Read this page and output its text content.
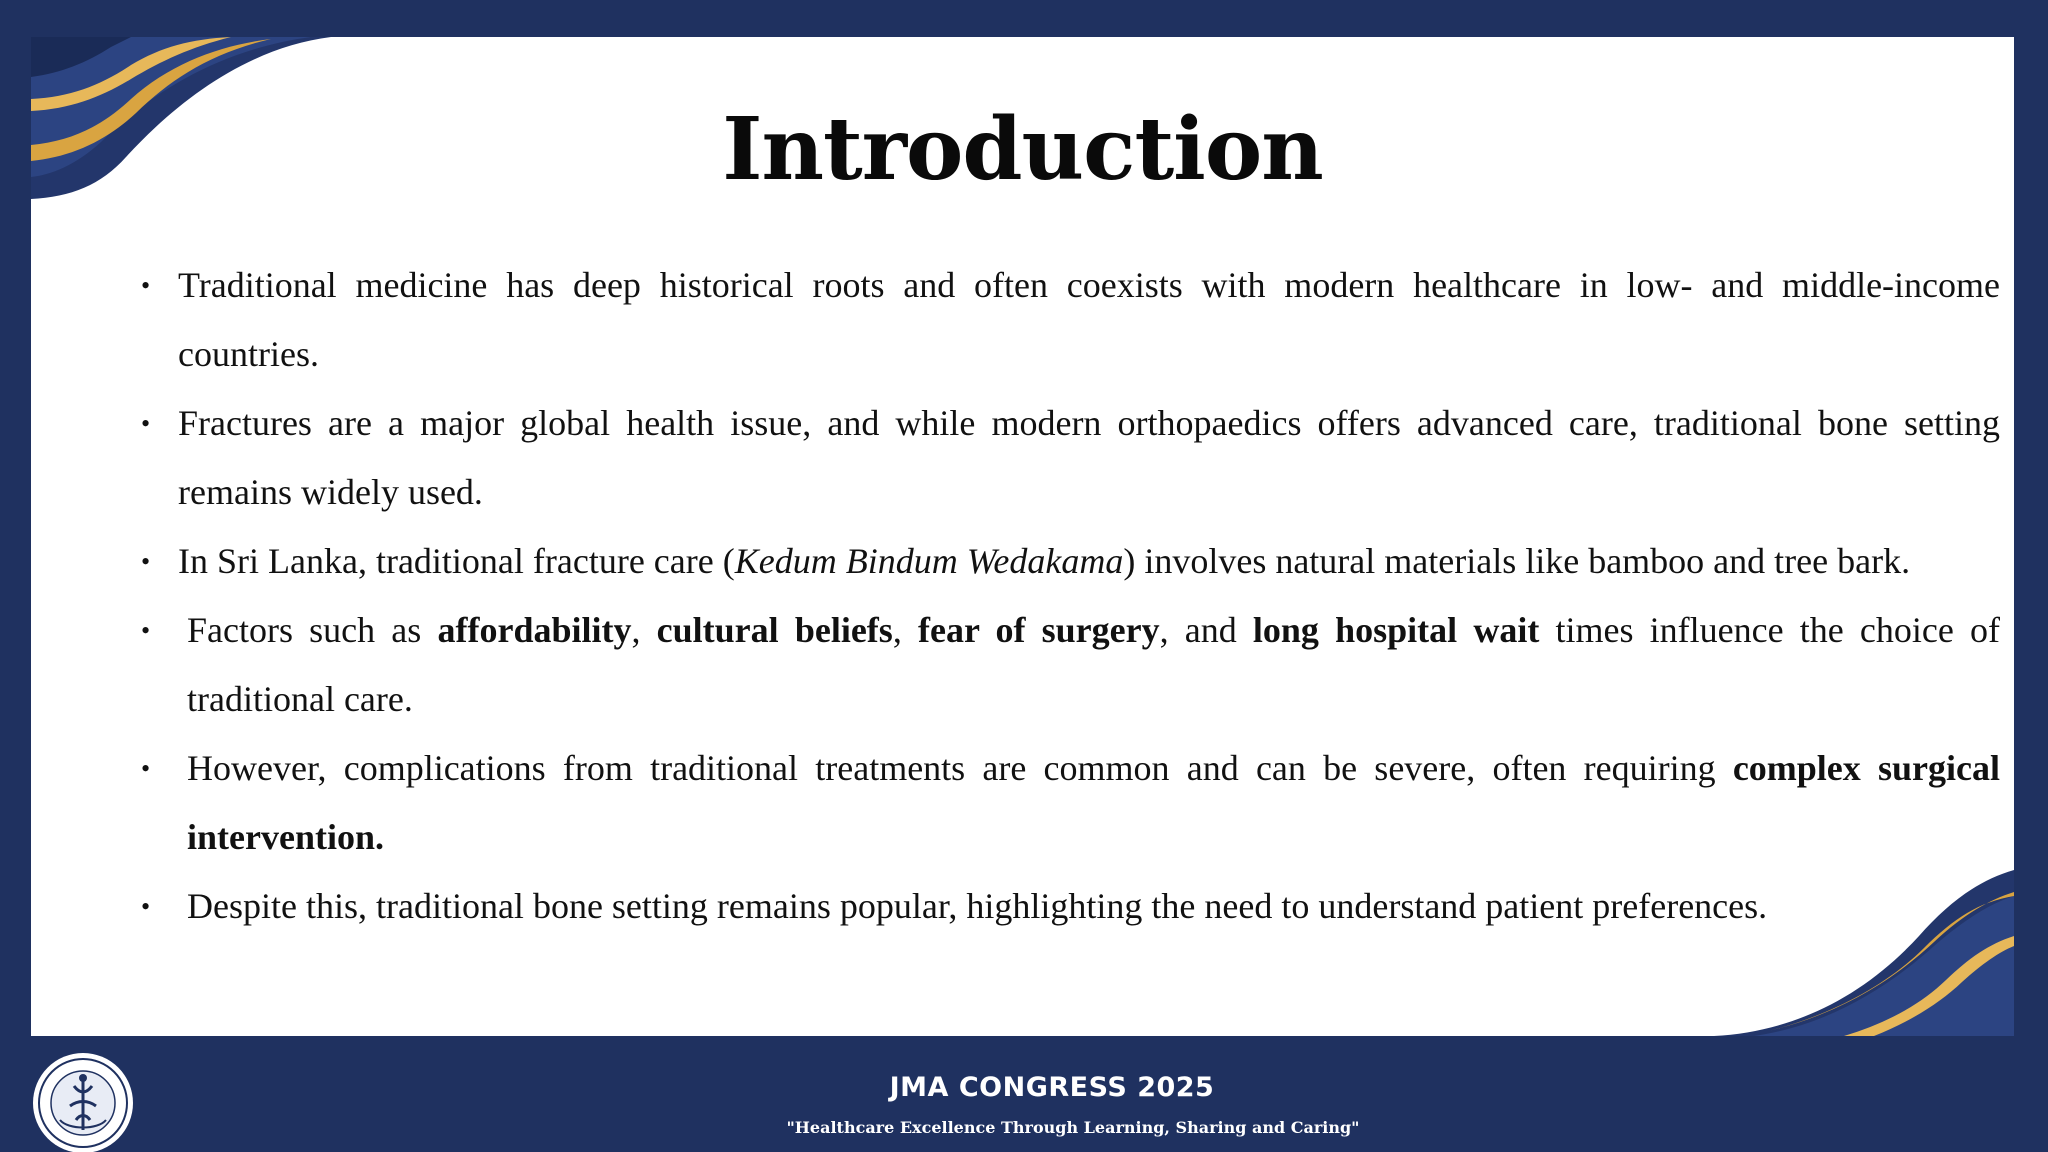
Introduction
• Traditional medicine has deep historical roots and often coexists with modern healthcare in low- and middle-income countries.
• Fractures are a major global health issue, and while modern orthopaedics offers advanced care, traditional bone setting remains widely used.
• In Sri Lanka, traditional fracture care (Kedum Bindum Wedakama) involves natural materials like bamboo and tree bark.
• Factors such as affordability, cultural beliefs, fear of surgery, and long hospital wait times influence the choice of traditional care.
• However, complications from traditional treatments are common and can be severe, often requiring complex surgical intervention.
• Despite this, traditional bone setting remains popular, highlighting the need to understand patient preferences.
JMA CONGRESS 2025
"Healthcare Excellence Through Learning, Sharing and Caring"
